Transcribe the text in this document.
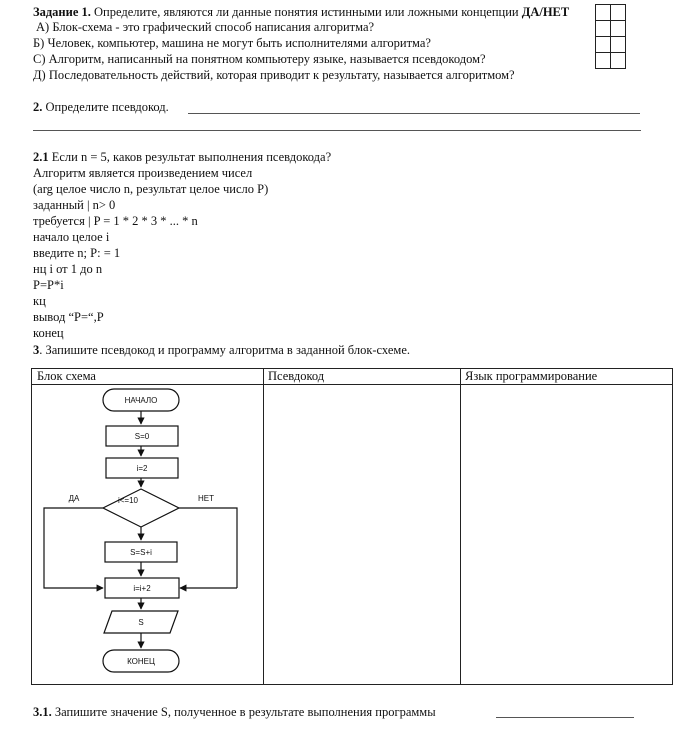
Задание 1. Определите, являются ли данные понятия истинными или ложными концепции ДА/НЕТ
А) Блок-схема - это графический способ написания алгоритма?
Б) Человек, компьютер, машина не могут быть исполнителями алгоритма?
С) Алгоритм, написанный на понятном компьютеру языке, называется псевдокодом?
Д) Последовательность действий, которая приводит к результату, называется алгоритмом?

2. Определите псевдокод.
2.1 Если n = 5, каков результат выполнения псевдокода?
Алгоритм является произведением чисел
(arg целое число n, результат целое число P)
заданный | n> 0
требуется | P = 1 * 2 * 3 * ... * n
начало целое i
введите n; P: = 1
нц i от 1 до n
P=P*i
кц
вывод “P=“,P
конец
3. Запишите псевдокод и программу алгоритма в заданной блок-схеме.
Блок схема	Псевдокод	Язык программирование
НАЧАЛО
S=0
i=2
i<=10
ДА	НЕТ
S=S+i
i=i+2
S
КОНЕЦ
3.1. Запишите значение S, полученное в результате выполнения программы
